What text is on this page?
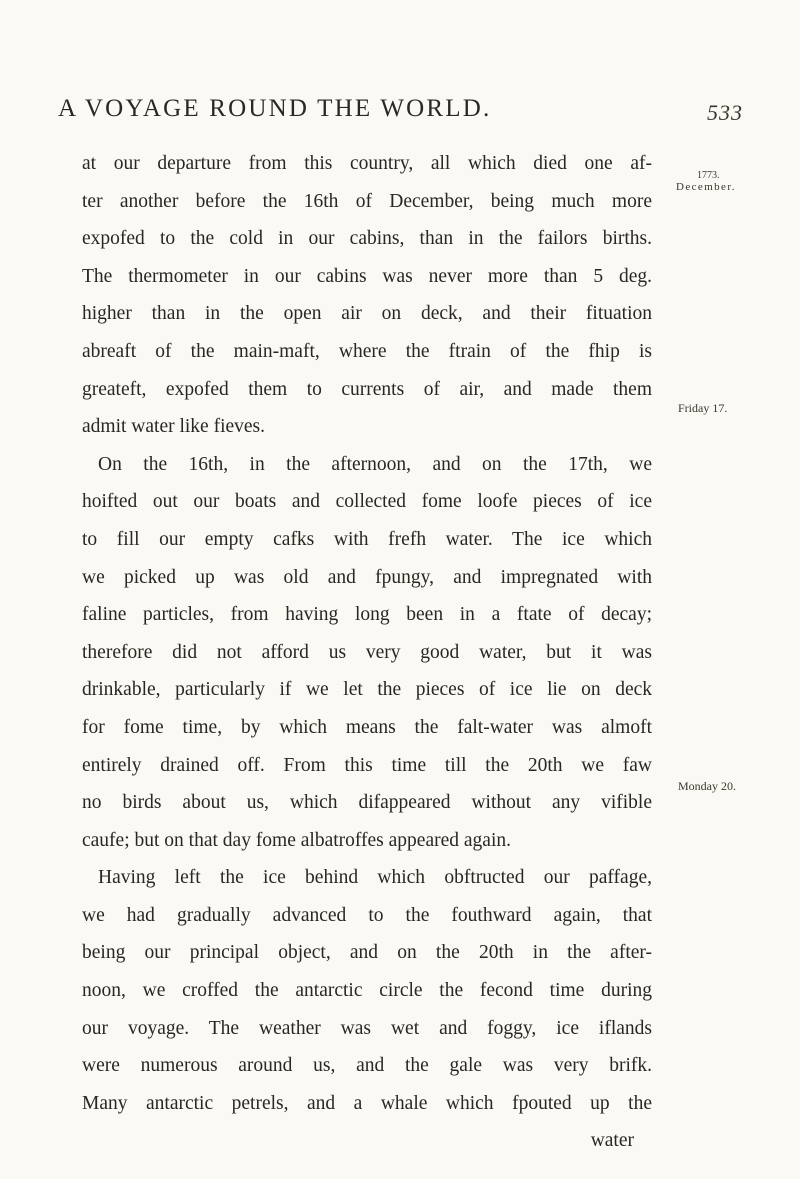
A VOYAGE ROUND THE WORLD.	533
1773.
December.
Friday 17.
Monday 20.
at our departure from this country, all which died one af-
ter another before the 16th of December, being much more
expofed to the cold in our cabins, than in the failors births.
The thermometer in our cabins was never more than 5 deg.
higher than in the open air on deck, and their fituation
abreaft of the main-maft, where the ftrain of the fhip is
greateft, expofed them to currents of air, and made them
admit water like fieves.
On the 16th, in the afternoon, and on the 17th, we
hoifted out our boats and collected fome loofe pieces of ice
to fill our empty cafks with frefh water. The ice which
we picked up was old and fpungy, and impregnated with
faline particles, from having long been in a ftate of decay;
therefore did not afford us very good water, but it was
drinkable, particularly if we let the pieces of ice lie on deck
for fome time, by which means the falt-water was almoft
entirely drained off. From this time till the 20th we faw
no birds about us, which difappeared without any vifible
caufe; but on that day fome albatroffes appeared again.
Having left the ice behind which obftructed our paffage,
we had gradually advanced to the fouthward again, that
being our principal object, and on the 20th in the after-
noon, we croffed the antarctic circle the fecond time during
our voyage. The weather was wet and foggy, ice iflands
were numerous around us, and the gale was very brifk.
Many antarctic petrels, and a whale which fpouted up the
water
